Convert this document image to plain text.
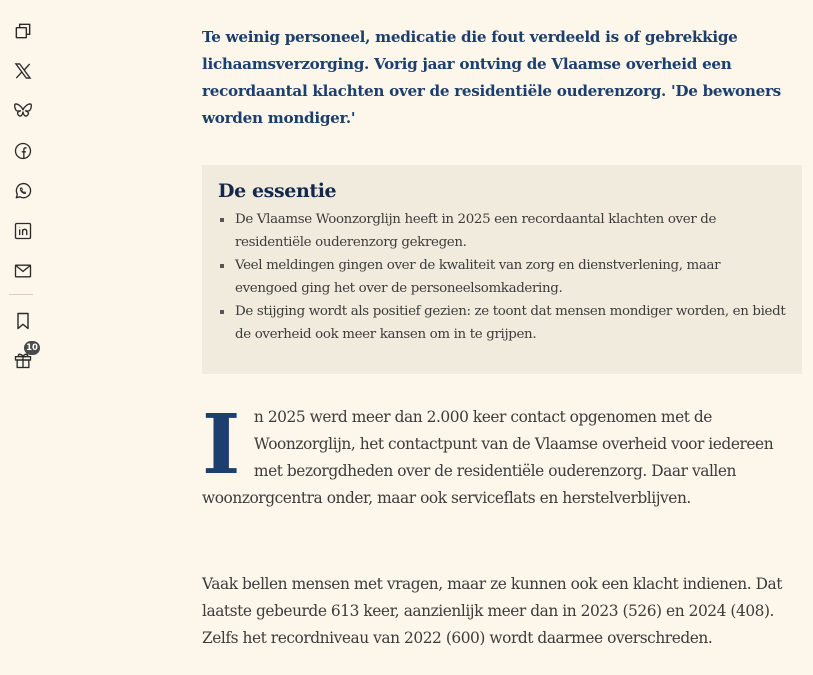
10

Te weinig personeel, medicatie die fout verdeeld is of gebrekkige lichaamsverzorging. Vorig jaar ontving de Vlaamse overheid een recordaantal klachten over de residentiële ouderenzorg. 'De bewoners worden mondiger.'

De essentie
De Vlaamse Woonzorglijn heeft in 2025 een recordaantal klachten over de residentiële ouderenzorg gekregen.
Veel meldingen gingen over de kwaliteit van zorg en dienstverlening, maar evengoed ging het over de personeelsomkadering.
De stijging wordt als positief gezien: ze toont dat mensen mondiger worden, en biedt de overheid ook meer kansen om in te grijpen.

In 2025 werd meer dan 2.000 keer contact opgenomen met de Woonzorglijn, het contactpunt van de Vlaamse overheid voor iedereen met bezorgdheden over de residentiële ouderenzorg. Daar vallen woonzorgcentra onder, maar ook serviceflats en herstelverblijven.

Vaak bellen mensen met vragen, maar ze kunnen ook een klacht indienen. Dat laatste gebeurde 613 keer, aanzienlijk meer dan in 2023 (526) en 2024 (408). Zelfs het recordniveau van 2022 (600) wordt daarmee overschreden.
